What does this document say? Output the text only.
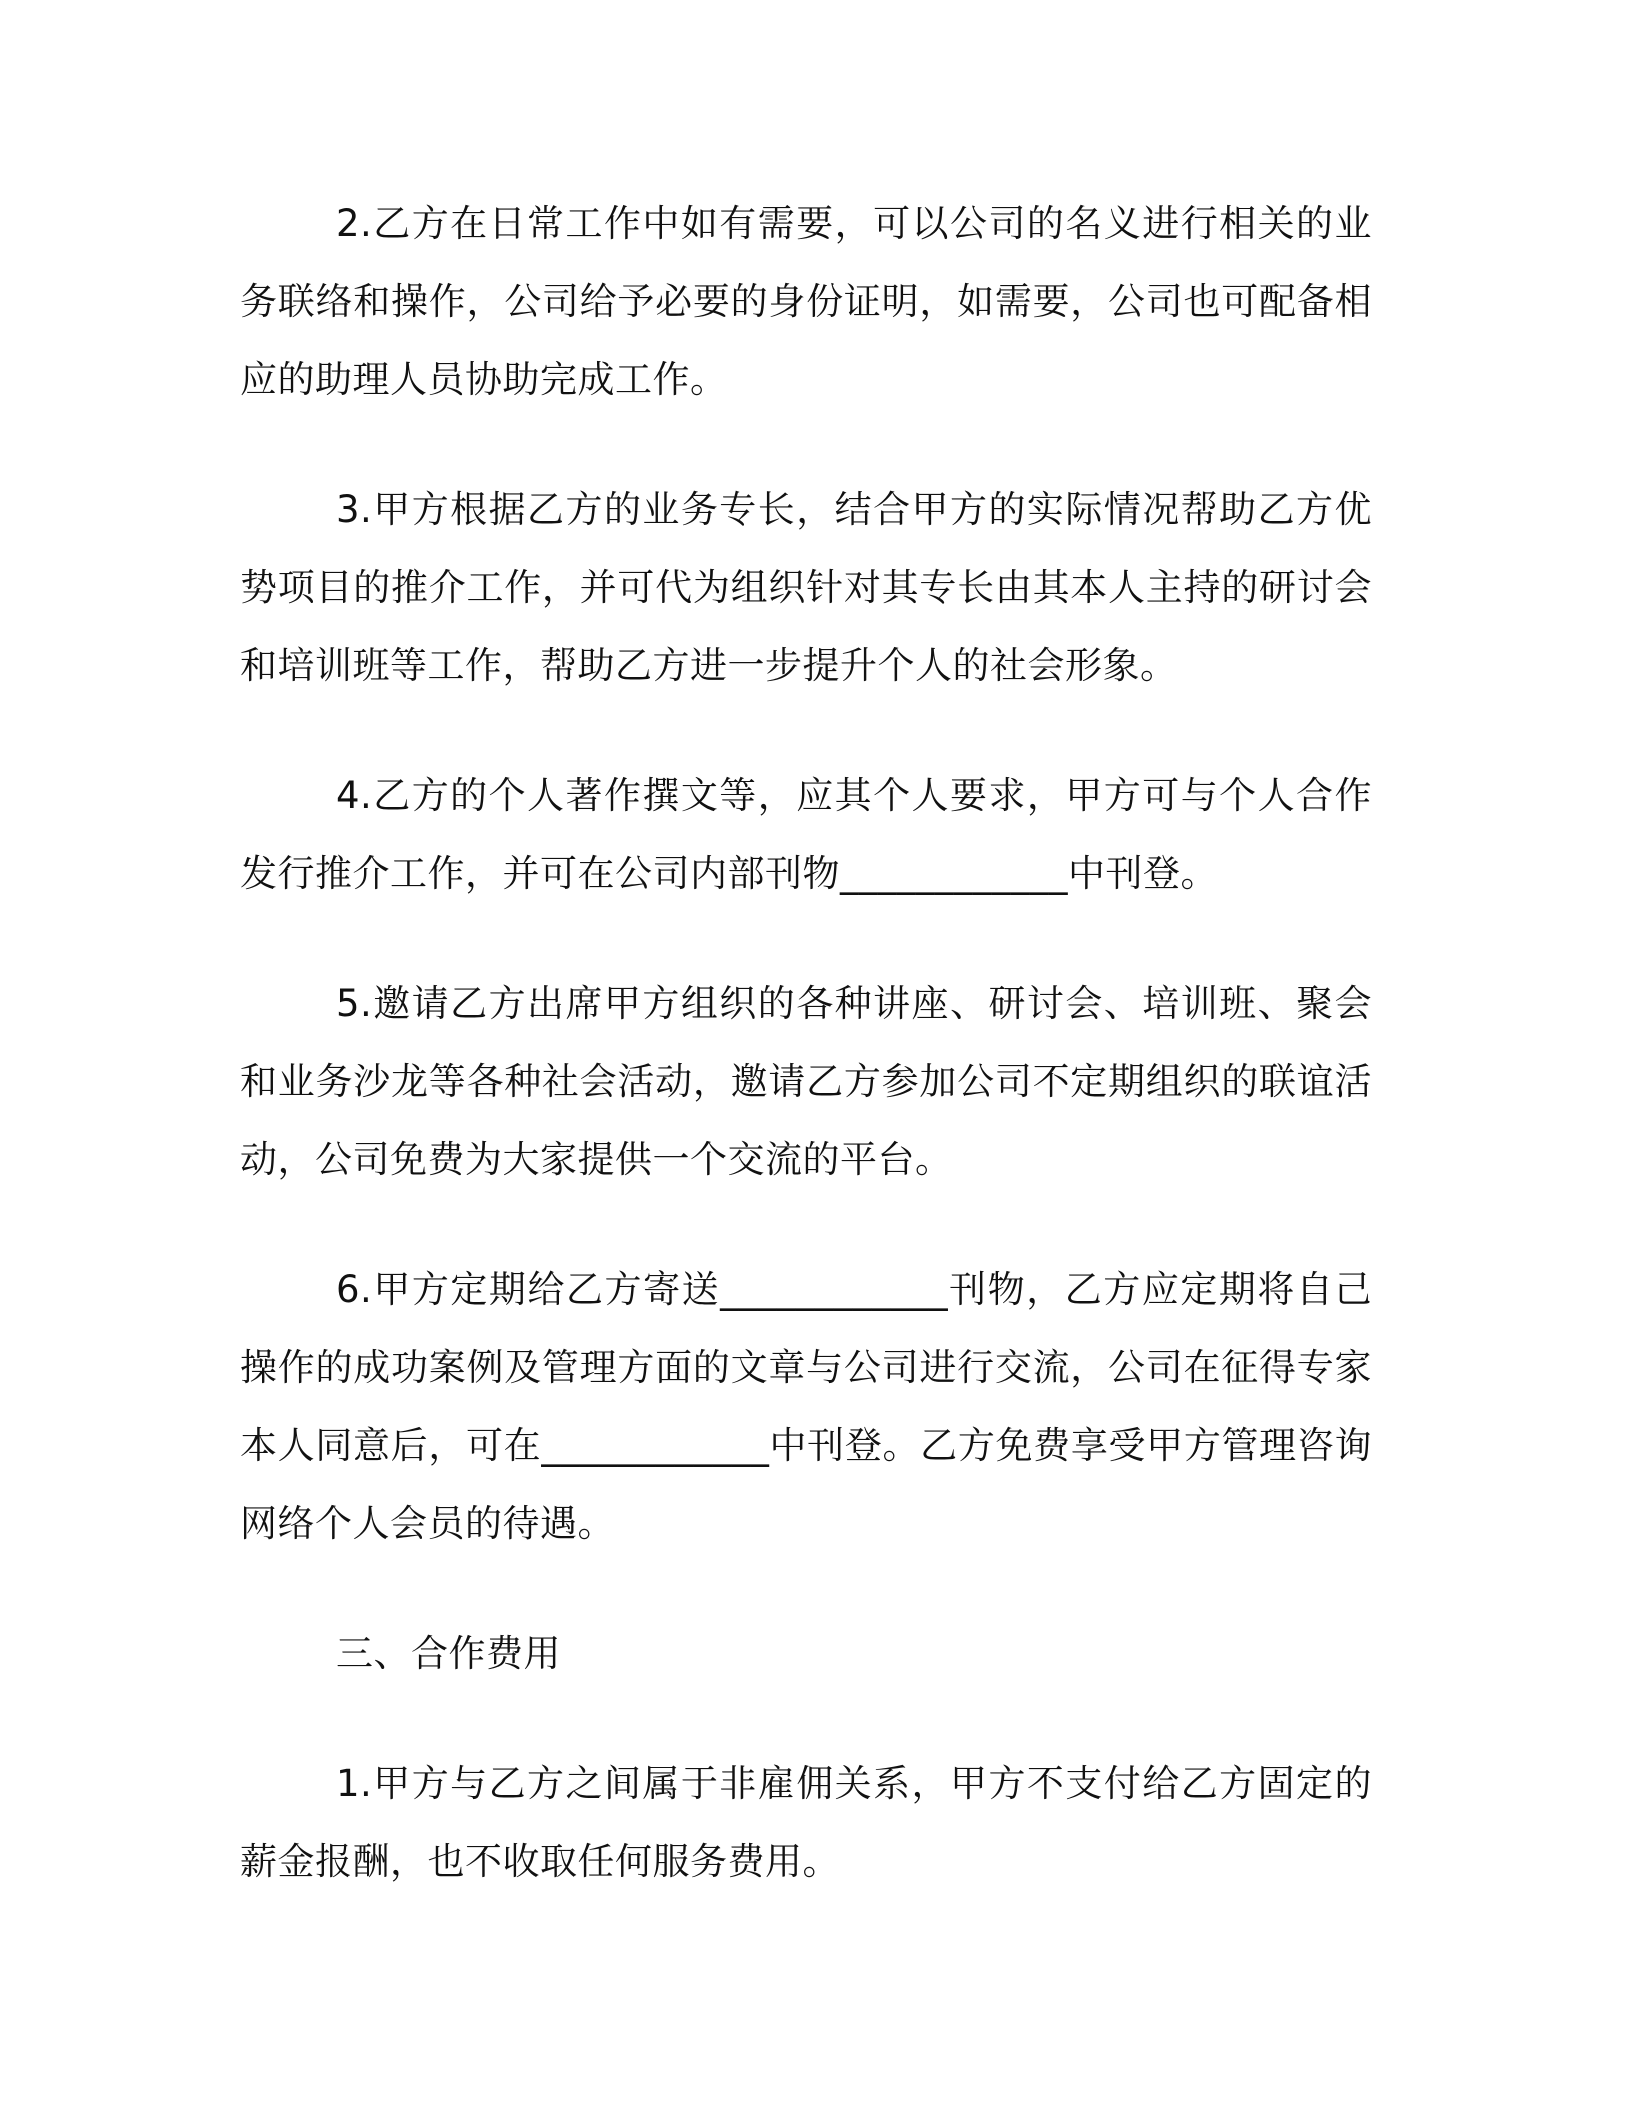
2.乙方在日常工作中如有需要，可以公司的名义进行相关的业务联络和操作，公司给予必要的身份证明，如需要，公司也可配备相应的助理人员协助完成工作。

3.甲方根据乙方的业务专长，结合甲方的实际情况帮助乙方优势项目的推介工作，并可代为组织针对其专长由其本人主持的研讨会和培训班等工作，帮助乙方进一步提升个人的社会形象。

4.乙方的个人著作撰文等，应其个人要求，甲方可与个人合作发行推介工作，并可在公司内部刊物____________中刊登。

5.邀请乙方出席甲方组织的各种讲座、研讨会、培训班、聚会和业务沙龙等各种社会活动，邀请乙方参加公司不定期组织的联谊活动，公司免费为大家提供一个交流的平台。

6.甲方定期给乙方寄送____________刊物，乙方应定期将自己操作的成功案例及管理方面的文章与公司进行交流，公司在征得专家本人同意后，可在____________中刊登。乙方免费享受甲方管理咨询网络个人会员的待遇。

三、合作费用

1.甲方与乙方之间属于非雇佣关系，甲方不支付给乙方固定的薪金报酬，也不收取任何服务费用。
